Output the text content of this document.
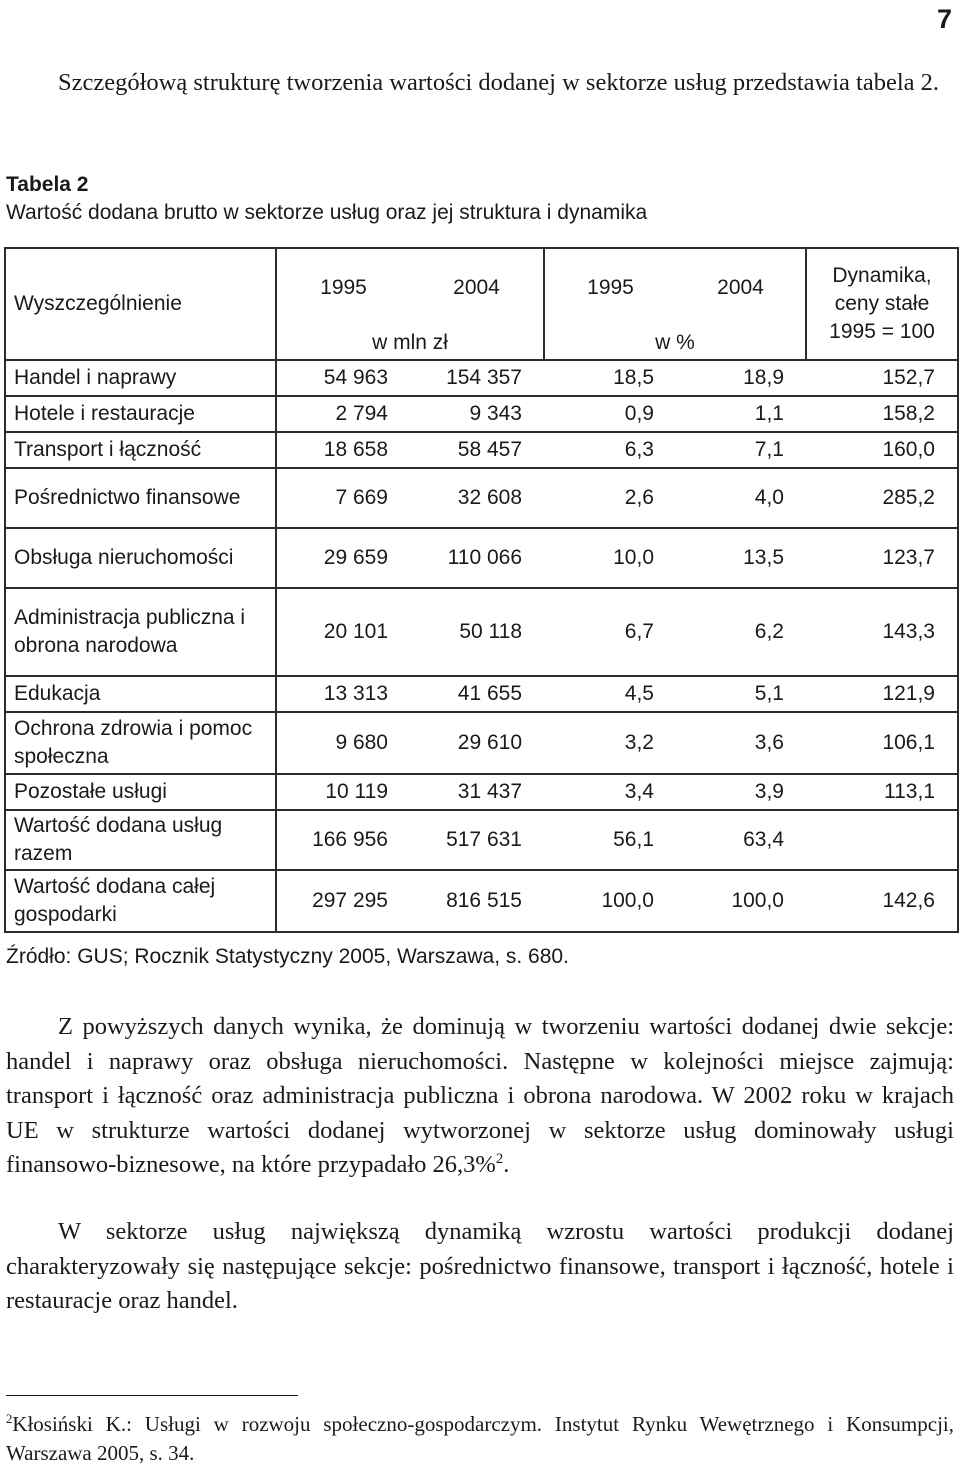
7

Szczegółową strukturę tworzenia wartości dodanej w sektorze usług przedstawia tabela 2.

Tabela 2
Wartość dodana brutto w sektorze usług oraz jej struktura i dynamika
Wyszczególnienie	1995	2004	1995	2004	Dynamika, ceny stałe 1995 = 100
	w mln zł		w %		
Handel i naprawy	54 963	154 357	18,5	18,9	152,7
Hotele i restauracje	2 794	9 343	0,9	1,1	158,2
Transport i łączność	18 658	58 457	6,3	7,1	160,0
Pośrednictwo finansowe	7 669	32 608	2,6	4,0	285,2
Obsługa nieruchomości	29 659	110 066	10,0	13,5	123,7
Administracja publiczna i obrona narodowa	20 101	50 118	6,7	6,2	143,3
Edukacja	13 313	41 655	4,5	5,1	121,9
Ochrona zdrowia i pomoc społeczna	9 680	29 610	3,2	3,6	106,1
Pozostałe usługi	10 119	31 437	3,4	3,9	113,1
Wartość dodana usług razem	166 956	517 631	56,1	63,4	
Wartość dodana całej gospodarki	297 295	816 515	100,0	100,0	142,6
Źródło: GUS; Rocznik Statystyczny 2005, Warszawa, s. 680.

Z powyższych danych wynika, że dominują w tworzeniu wartości dodanej dwie sekcje: handel i naprawy oraz obsługa nieruchomości. Następne w kolejności miejsce zajmują: transport i łączność oraz administracja publiczna i obrona narodowa. W 2002 roku w krajach UE w strukturze wartości dodanej wytworzonej w sektorze usług dominowały usługi finansowo-biznesowe, na które przypadało 26,3%$^2$.

W sektorze usług największą dynamiką wzrostu wartości produkcji dodanej charakteryzowały się następujące sekcje: pośrednictwo finansowe, transport i łączność, hotele i restauracje oraz handel.

$^2$Kłosiński K.: Usługi w rozwoju społeczno-gospodarczym. Instytut Rynku Wewętrznego i Konsumpcji, Warszawa 2005, s. 34.
